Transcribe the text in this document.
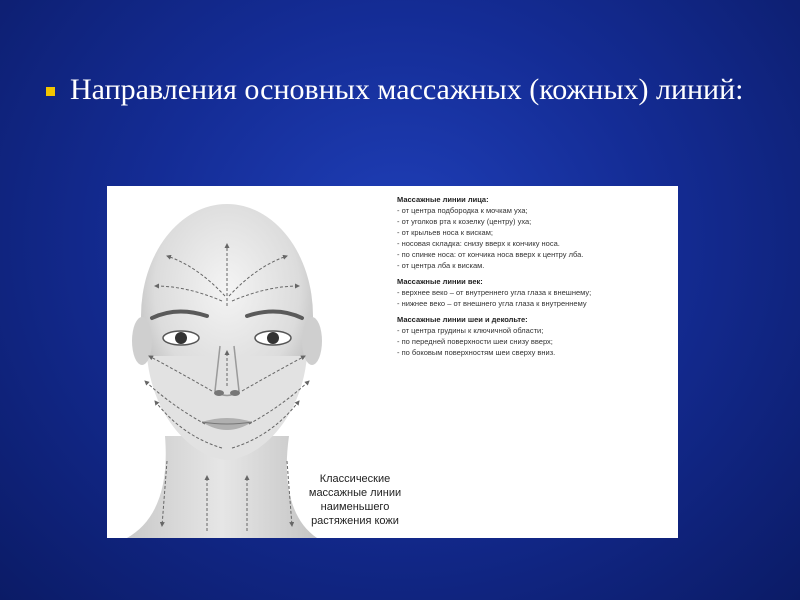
Направления основных массажных (кожных) линий:
Классические
массажные линии
наименьшего
растяжения кожи
Массажные линии лица:
- от центра подбородка к мочкам уха;
- от уголков рта к козелку (центру) уха;
- от крыльев носа к вискам;
- носовая складка: снизу вверх к кончику носа.
- по спинке носа: от кончика носа вверх к центру лба.
- от центра лба к вискам.
Массажные линии век:
- верхнее веко – от внутреннего угла глаза к внешнему;
- нижнее веко – от внешнего угла глаза к внутреннему
Массажные линии шеи и декольте:
- от центра грудины к ключичной области;
- по передней поверхности шеи снизу вверх;
- по боковым поверхностям шеи сверху вниз.
